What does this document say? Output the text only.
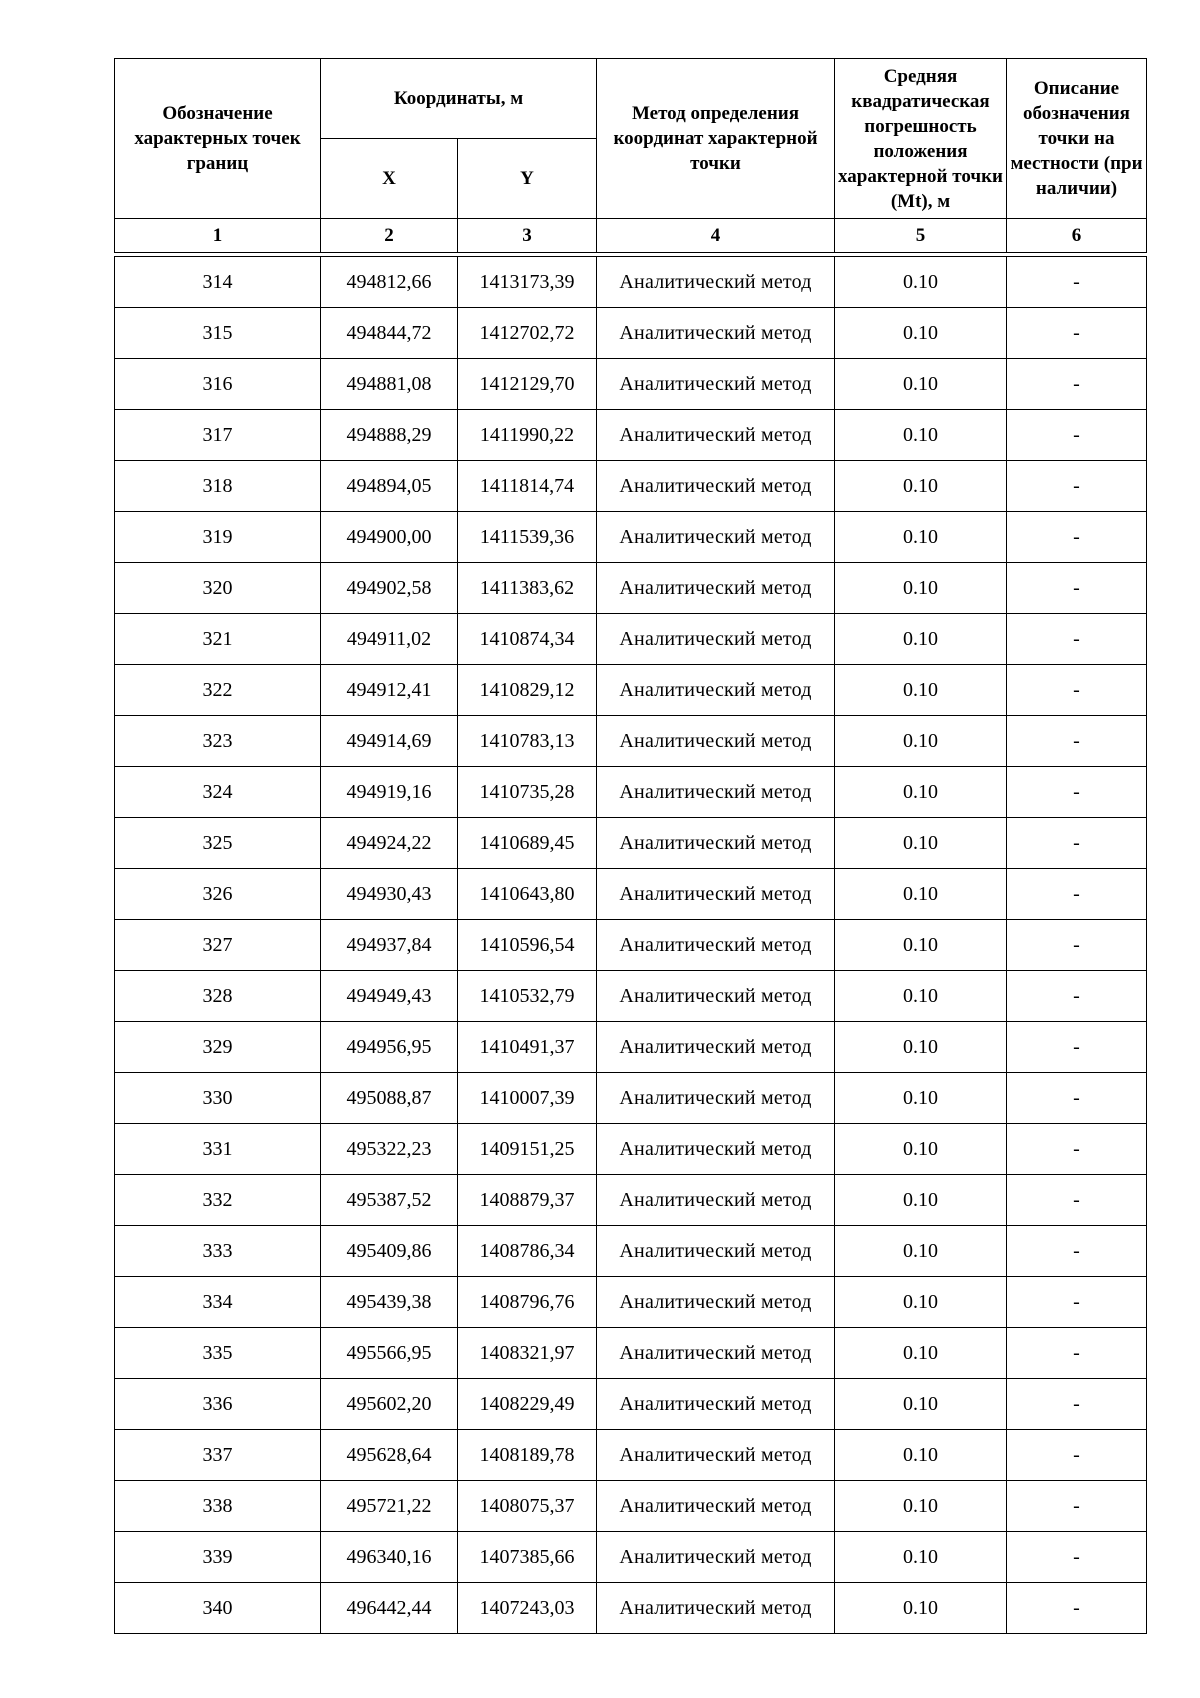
Обозначение характерных точек границ	Координаты, м		Метод определения координат характерной точки	Средняя квадратическая погрешность положения характерной точки (Mt), м	Описание обозначения точки на местности (при наличии)
	X	Y			
1	2	3	4	5	6
314	494812,66	1413173,39	Аналитический метод	0.10	-
315	494844,72	1412702,72	Аналитический метод	0.10	-
316	494881,08	1412129,70	Аналитический метод	0.10	-
317	494888,29	1411990,22	Аналитический метод	0.10	-
318	494894,05	1411814,74	Аналитический метод	0.10	-
319	494900,00	1411539,36	Аналитический метод	0.10	-
320	494902,58	1411383,62	Аналитический метод	0.10	-
321	494911,02	1410874,34	Аналитический метод	0.10	-
322	494912,41	1410829,12	Аналитический метод	0.10	-
323	494914,69	1410783,13	Аналитический метод	0.10	-
324	494919,16	1410735,28	Аналитический метод	0.10	-
325	494924,22	1410689,45	Аналитический метод	0.10	-
326	494930,43	1410643,80	Аналитический метод	0.10	-
327	494937,84	1410596,54	Аналитический метод	0.10	-
328	494949,43	1410532,79	Аналитический метод	0.10	-
329	494956,95	1410491,37	Аналитический метод	0.10	-
330	495088,87	1410007,39	Аналитический метод	0.10	-
331	495322,23	1409151,25	Аналитический метод	0.10	-
332	495387,52	1408879,37	Аналитический метод	0.10	-
333	495409,86	1408786,34	Аналитический метод	0.10	-
334	495439,38	1408796,76	Аналитический метод	0.10	-
335	495566,95	1408321,97	Аналитический метод	0.10	-
336	495602,20	1408229,49	Аналитический метод	0.10	-
337	495628,64	1408189,78	Аналитический метод	0.10	-
338	495721,22	1408075,37	Аналитический метод	0.10	-
339	496340,16	1407385,66	Аналитический метод	0.10	-
340	496442,44	1407243,03	Аналитический метод	0.10	-
